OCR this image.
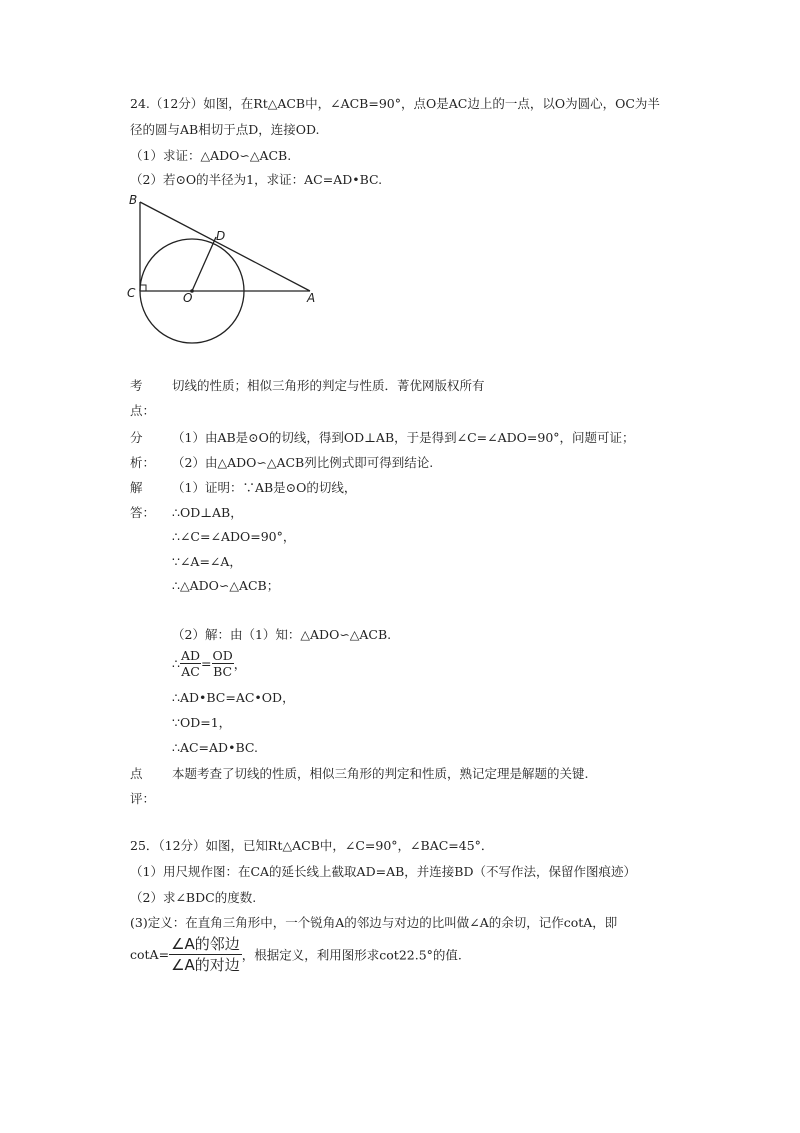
24.（12分）如图，在Rt△ACB中，∠ACB=90°，点O是AC边上的一点，以O为圆心，OC为半
径的圆与AB相切于点D，连接OD.
（1）求证：△ADO∽△ACB.
（2）若⊙O的半径为1，求证：AC=AD•BC.
B
C	O
D
A
考
点：
切线的性质；相似三角形的判定与性质．菁优网版权所有
分
析：
（1）由AB是⊙O的切线，得到OD⊥AB，于是得到∠C=∠ADO=90°，问题可证；
（2）由△ADO∽△ACB列比例式即可得到结论.
解
答：
（1）证明：∵AB是⊙O的切线，
∴OD⊥AB，
∴∠C=∠ADO=90°，
∵∠A=∠A，
∴△ADO∽△ACB；
（2）解：由（1）知：△ADO∽△ACB.
∴ $\frac{AD}{AC} = \frac{OD}{BC}$ ，
∴AD•BC=AC•OD，
∵OD=1，
∴AC=AD•BC.
点
评：
本题考查了切线的性质，相似三角形的判定和性质，熟记定理是解题的关键.
25．（12分）如图，已知Rt△ACB中，∠C=90°，∠BAC=45°．
（1）用尺规作图：在CA的延长线上截取AD=AB，并连接BD（不写作法，保留作图痕迹）
（2）求∠BDC的度数.
(3)定义：在直角三角形中，一个锐角A的邻边与对边的比叫做∠A的余切，记作cotA，即
$\cot A= \frac{\text{∠A的邻边}}{\text{∠A的对边}}$ ，根据定义，利用图形求cot22.5°的值.
